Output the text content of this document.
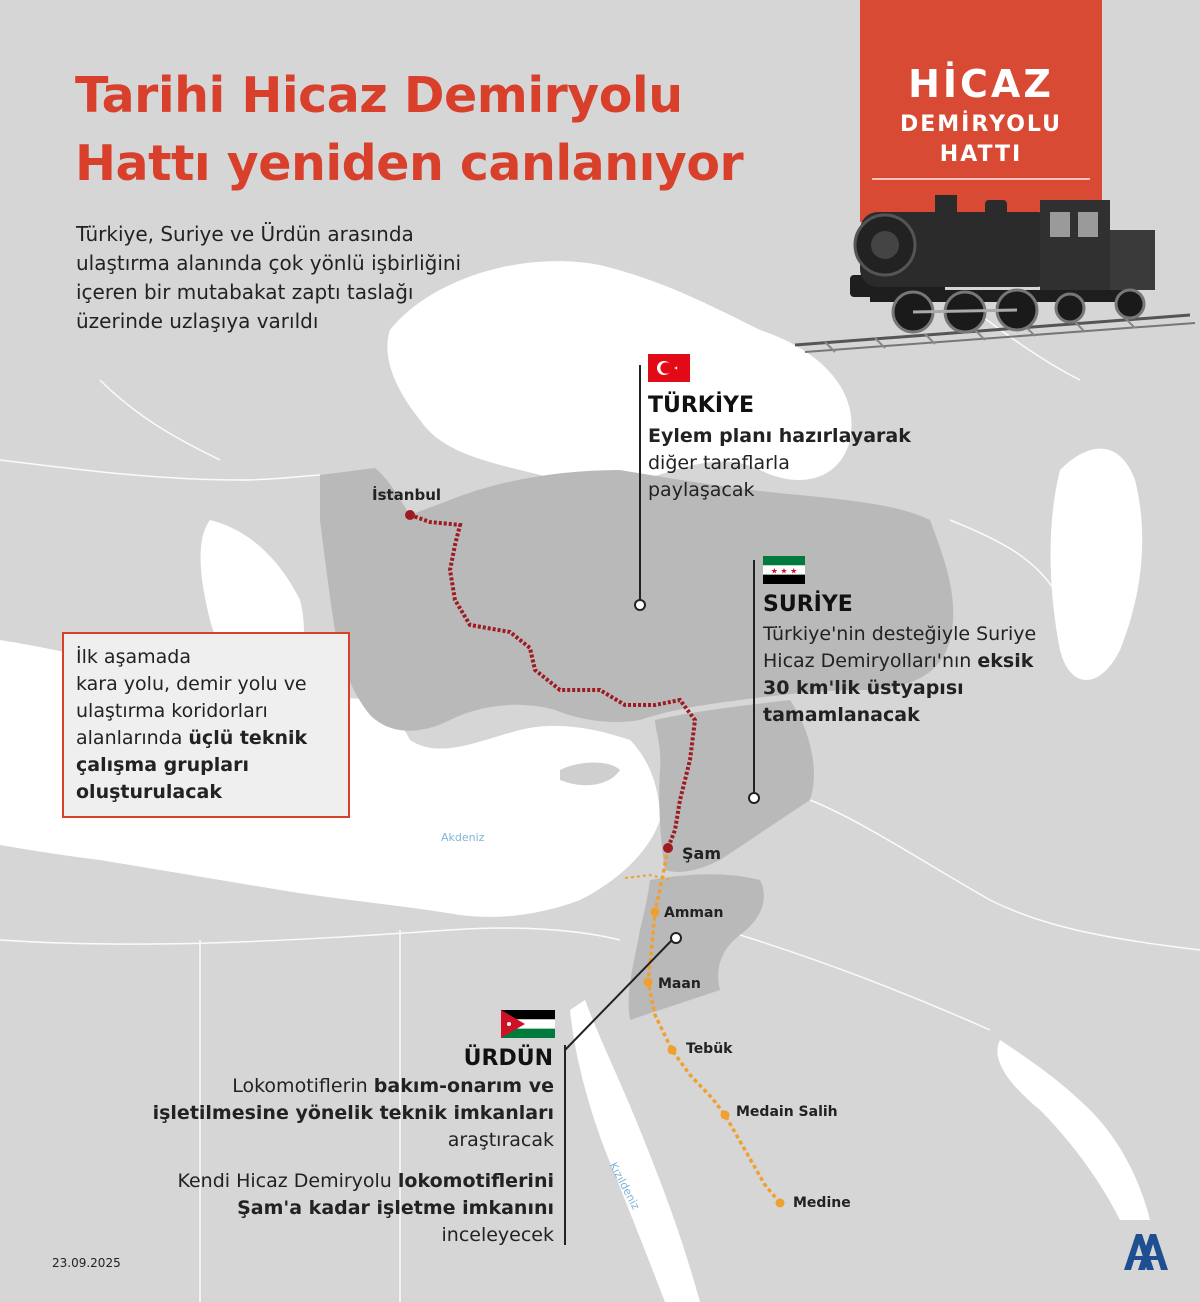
Tarihi Hicaz Demiryolu
Hattı yeniden canlanıyor
Türkiye, Suriye ve Ürdün arasında ulaştırma alanında çok yönlü işbirliğini içeren bir mutabakat zaptı taslağı üzerinde uzlaşıya varıldı
HİCAZ
DEMİRYOLU
HATTI
TÜRKİYE
Eylem planı hazırlayarak
diğer taraflarla
paylaşacak
★ ★ ★
SURİYE
Türkiye'nin desteğiyle Suriye
Hicaz Demiryolları'nın eksik
30 km'lik üstyapısı
tamamlanacak
İlk aşamada
kara yolu, demir yolu ve
ulaştırma koridorları
alanlarında üçlü teknik
çalışma grupları
oluşturulacak
ÜRDÜN
Lokomotiflerin bakım-onarım ve
işletilmesine yönelik teknik imkanları
araştıracak
Kendi Hicaz Demiryolu lokomotiflerini
Şam'a kadar işletme imkanını
inceleyecek
İstanbul
Şam
Amman
Maan
Tebük
Medain Salih
Medine
Akdeniz
Kızıldeniz
23.09.2025
